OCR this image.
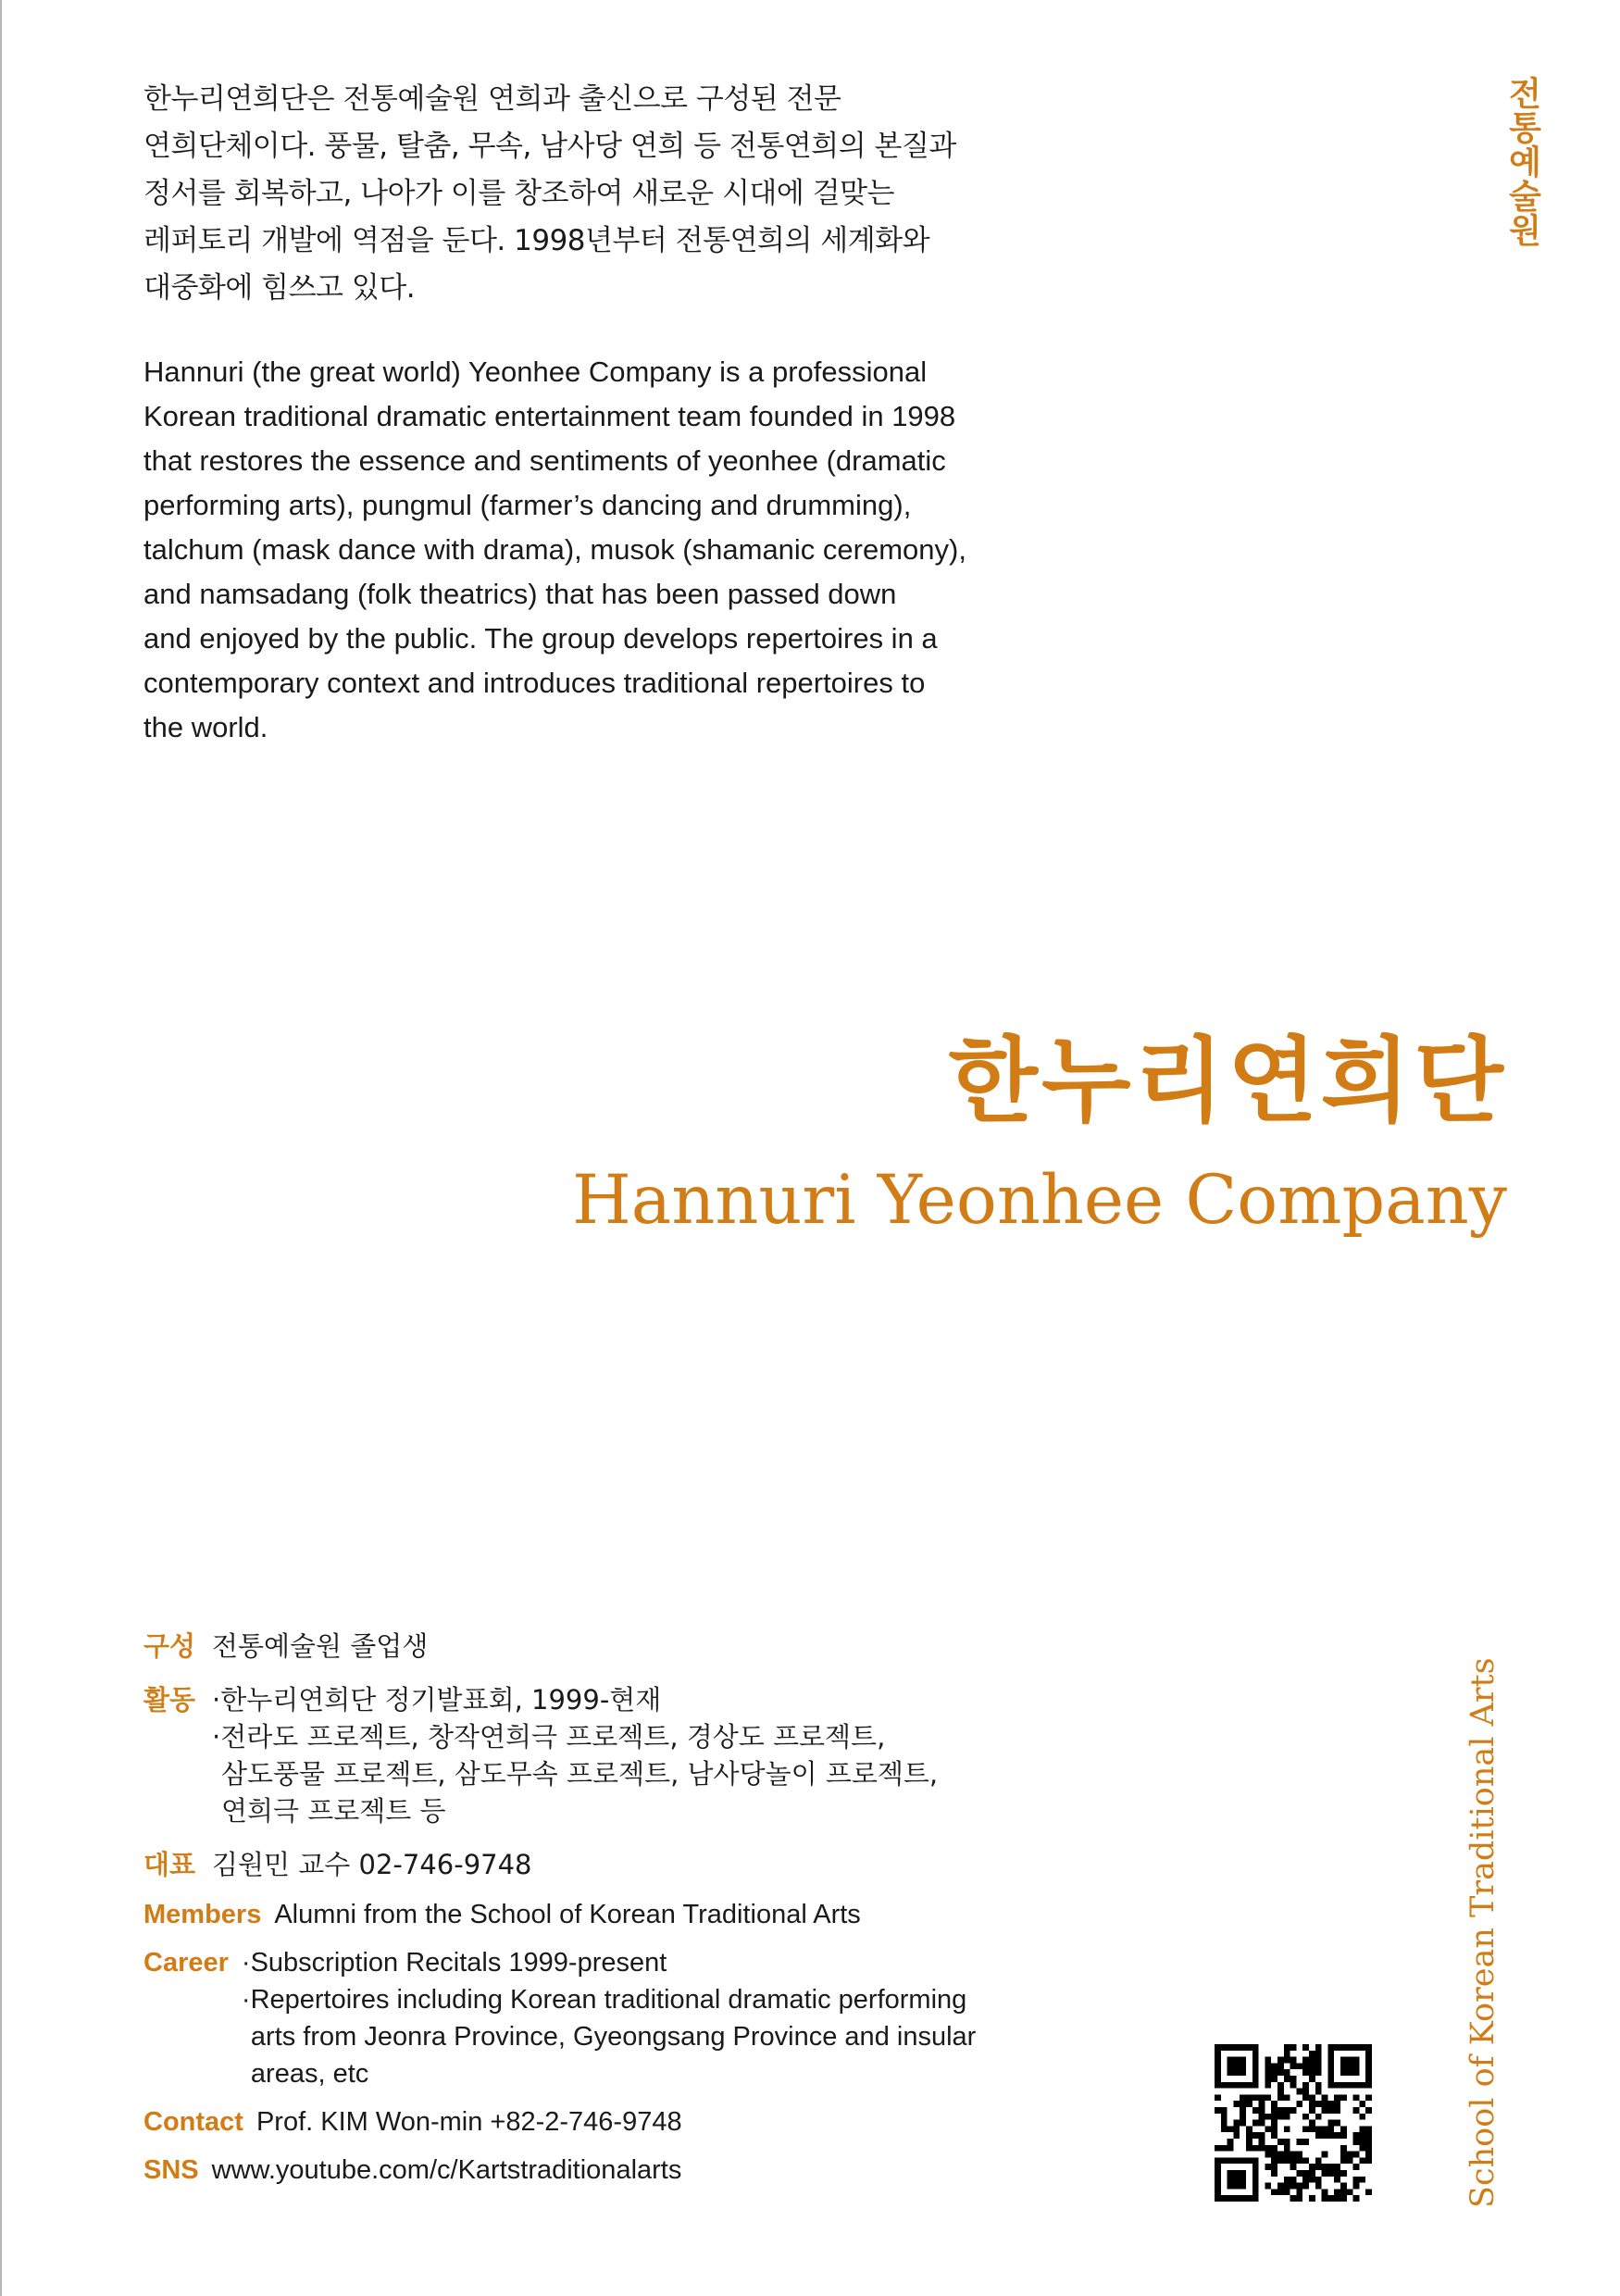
한누리연희단은 전통예술원 연희과 출신으로 구성된 전문
연희단체이다. 풍물, 탈춤, 무속, 남사당 연희 등 전통연희의 본질과
정서를 회복하고, 나아가 이를 창조하여 새로운 시대에 걸맞는
레퍼토리 개발에 역점을 둔다. 1998년부터 전통연희의 세계화와
대중화에 힘쓰고 있다.
Hannuri (the great world) Yeonhee Company is a professional
Korean traditional dramatic entertainment team founded in 1998
that restores the essence and sentiments of yeonhee (dramatic
performing arts), pungmul (farmer’s dancing and drumming),
talchum (mask dance with drama), musok (shamanic ceremony),
and namsadang (folk theatrics) that has been passed down
and enjoyed by the public. The group develops repertoires in a
contemporary context and introduces traditional repertoires to
the world.
전통예술원
한누리연희단
Hannuri Yeonhee Company
구성 전통예술원 졸업생
활동 ·한누리연희단 정기발표회, 1999-현재
·전라도 프로젝트, 창작연희극 프로젝트, 경상도 프로젝트,
삼도풍물 프로젝트, 삼도무속 프로젝트, 남사당놀이 프로젝트,
연희극 프로젝트 등
대표 김원민 교수 02-746-9748
Members Alumni from the School of Korean Traditional Arts
Career ·Subscription Recitals 1999-present
·Repertoires including Korean traditional dramatic performing
arts from Jeonra Province, Gyeongsang Province and insular
areas, etc
Contact Prof. KIM Won-min +82-2-746-9748
SNS www.youtube.com/c/Kartstraditionalarts	School of Korean Traditional Arts
